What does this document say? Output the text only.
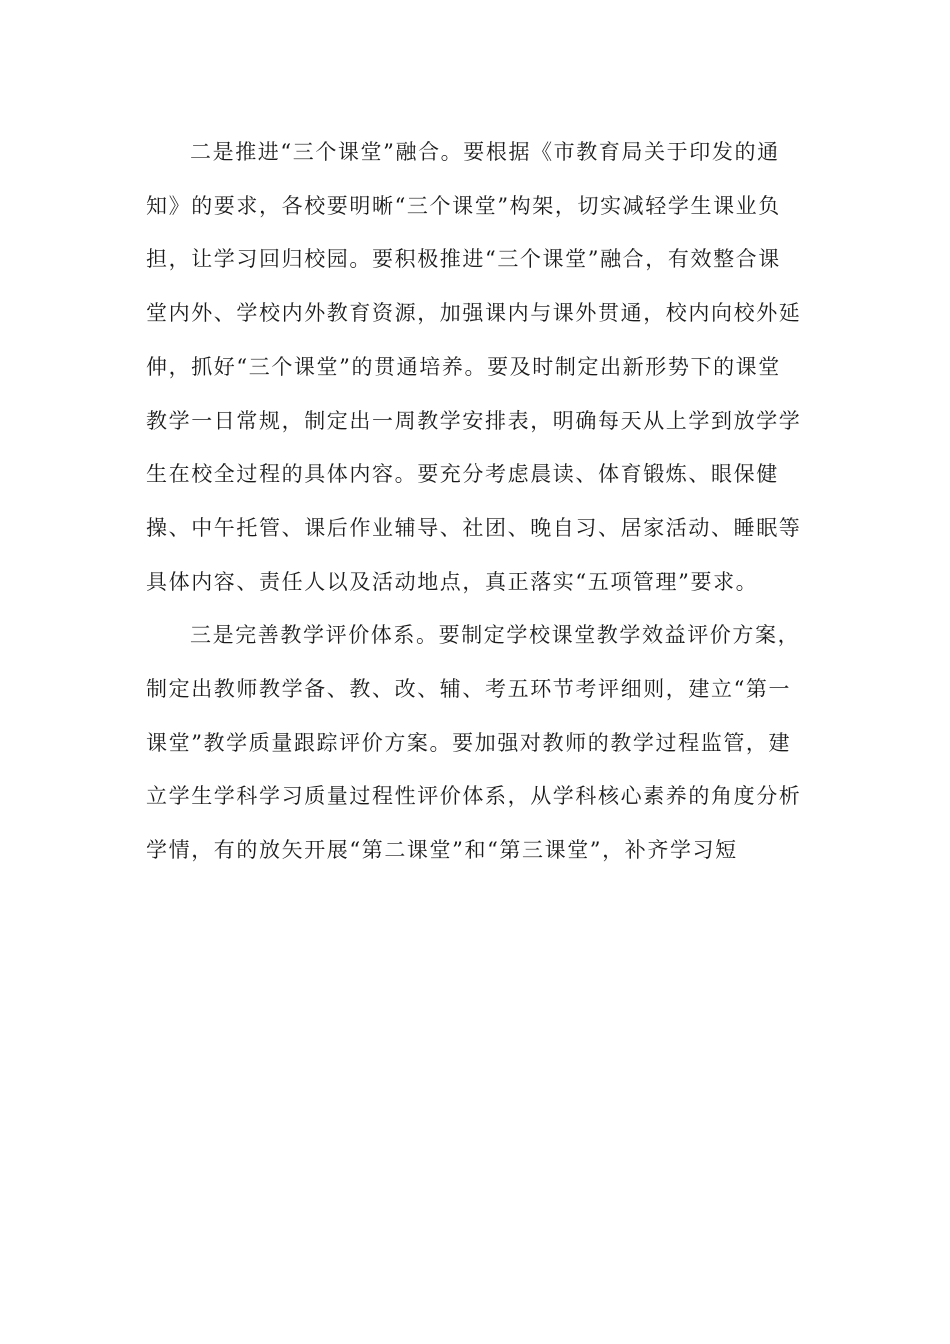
二是推进“三个课堂”融合。要根据《市教育局关于印发的通
知》的要求，各校要明晰“三个课堂”构架，切实减轻学生课业负
担，让学习回归校园。要积极推进“三个课堂”融合，有效整合课
堂内外、学校内外教育资源，加强课内与课外贯通，校内向校外延
伸，抓好“三个课堂”的贯通培养。要及时制定出新形势下的课堂
教学一日常规，制定出一周教学安排表，明确每天从上学到放学学
生在校全过程的具体内容。要充分考虑晨读、体育锻炼、眼保健
操、中午托管、课后作业辅导、社团、晚自习、居家活动、睡眠等
具体内容、责任人以及活动地点，真正落实“五项管理”要求。
三是完善教学评价体系。要制定学校课堂教学效益评价方案，
制定出教师教学备、教、改、辅、考五环节考评细则，建立“第一
课堂”教学质量跟踪评价方案。要加强对教师的教学过程监管，建
立学生学科学习质量过程性评价体系，从学科核心素养的角度分析
学情，有的放矢开展“第二课堂”和“第三课堂”，补齐学习短
